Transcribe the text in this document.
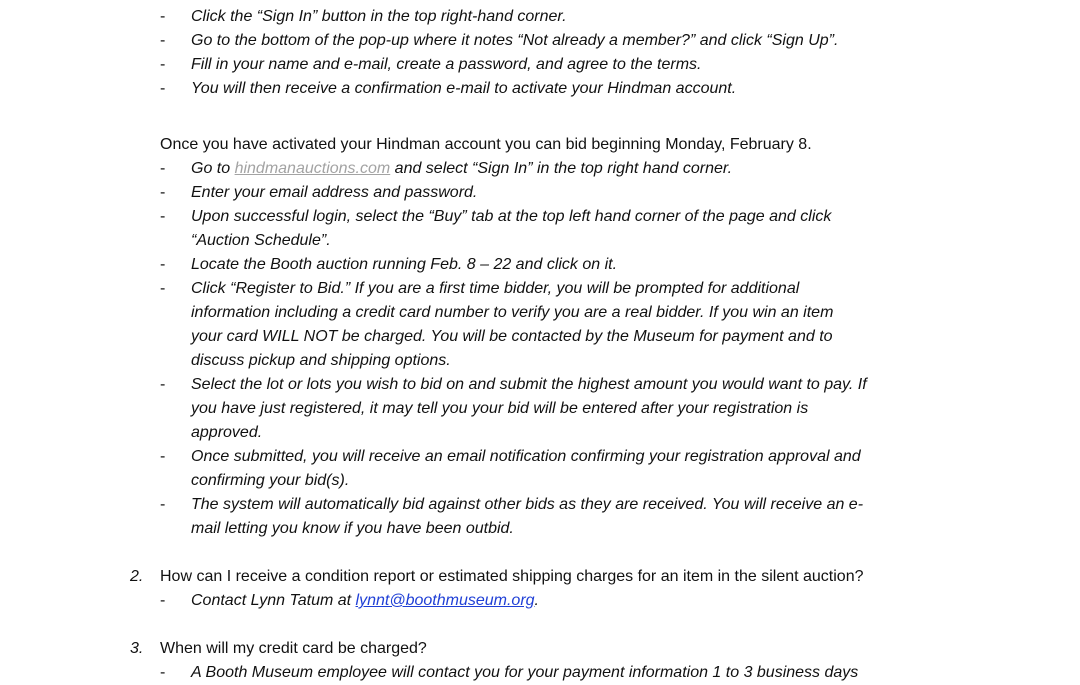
- Click the “Sign In” button in the top right-hand corner.
- Go to the bottom of the pop-up where it notes “Not already a member?” and click “Sign Up”.
- Fill in your name and e-mail, create a password, and agree to the terms.
- You will then receive a confirmation e-mail to activate your Hindman account.
Once you have activated your Hindman account you can bid beginning Monday, February 8.
- Go to hindmanauctions.com and select “Sign In” in the top right hand corner.
- Enter your email address and password.
- Upon successful login, select the “Buy” tab at the top left hand corner of the page and click
“Auction Schedule”.
- Locate the Booth auction running Feb. 8 – 22 and click on it.
- Click “Register to Bid.” If you are a first time bidder, you will be prompted for additional
information including a credit card number to verify you are a real bidder. If you win an item
your card WILL NOT be charged. You will be contacted by the Museum for payment and to
discuss pickup and shipping options.
- Select the lot or lots you wish to bid on and submit the highest amount you would want to pay. If
you have just registered, it may tell you your bid will be entered after your registration is
approved.
- Once submitted, you will receive an email notification confirming your registration approval and
confirming your bid(s).
- The system will automatically bid against other bids as they are received. You will receive an e-
mail letting you know if you have been outbid.
2. How can I receive a condition report or estimated shipping charges for an item in the silent auction?
- Contact Lynn Tatum at lynnt@boothmuseum.org.
3. When will my credit card be charged?
- A Booth Museum employee will contact you for your payment information 1 to 3 business days
